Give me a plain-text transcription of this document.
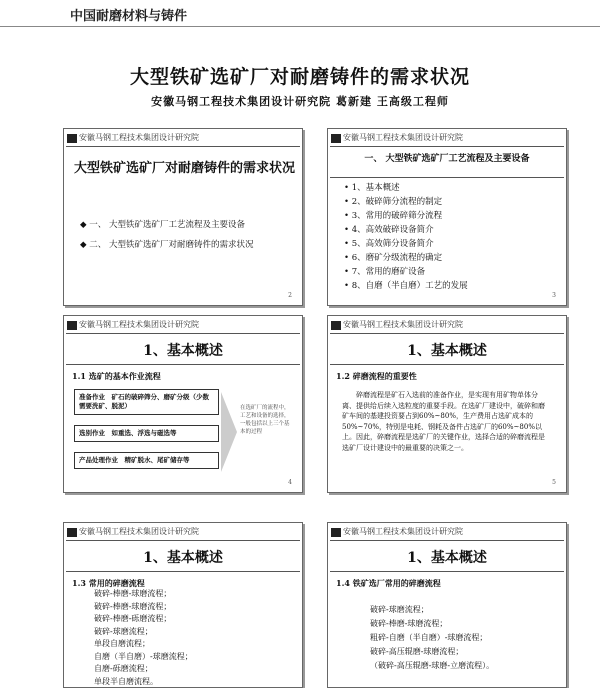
中国耐磨材料与铸件
大型铁矿选矿厂对耐磨铸件的需求状况
安徽马钢工程技术集团设计研究院 葛新建 王高级工程师
安徽马钢工程技术集团设计研究院
大型铁矿选矿厂对耐磨铸件的需求状况
◆ 一、 大型铁矿选矿厂工艺流程及主要设备
◆ 二、 大型铁矿选矿厂对耐磨铸件的需求状况
2
安徽马钢工程技术集团设计研究院
一、 大型铁矿选矿厂工艺流程及主要设备
• 1、基本概述
• 2、破碎筛分流程的制定
• 3、常用的破碎筛分流程
• 4、高效破碎设备简介
• 5、高效筛分设备简介
• 6、磨矿分级流程的确定
• 7、常用的磨矿设备
• 8、自磨（半自磨）工艺的发展
3
安徽马钢工程技术集团设计研究院
1、基本概述
1.1 选矿的基本作业流程
准备作业　矿石的破碎筛分、磨矿分级（少数需要洗矿、脱泥）
选别作业　如重选、浮选与磁选等
产品处理作业　精矿脱水、尾矿储存等
在选矿厂的流程中，工艺和设备的选择，一般包括以上三个基本的过程
4
安徽马钢工程技术集团设计研究院
1、基本概述
1.2 碎磨流程的重要性
碎磨流程是矿石入选前的准备作业，是实现有用矿物单体分离、提供给后续入选粒度的重要手段。在选矿厂建设中，破碎和磨矿车间的基建投资要占到60%~80%，生产费用占选矿成本的50%~70%，特别是电耗、钢耗及备件占选矿厂的60%~80%以上。因此，碎磨流程是选矿厂的关键作业，选择合适的碎磨流程是选矿厂设计建设中的最重要的决策之一。
5
安徽马钢工程技术集团设计研究院
1、基本概述
1.3 常用的碎磨流程
破碎-棒磨-球磨流程；
破碎-棒磨-球磨流程；
破碎-棒磨-砾磨流程；
破碎-球磨流程；
单段自磨流程；
自磨（半自磨）-球磨流程；
自磨-砾磨流程；
单段半自磨流程。
安徽马钢工程技术集团设计研究院
1、基本概述
1.4 铁矿选厂常用的碎磨流程
破碎-球磨流程；
破碎-棒磨-球磨流程；
粗碎-自磨（半自磨）-球磨流程；
破碎-高压辊磨-球磨流程；
（破碎-高压辊磨-球磨-立磨流程）。
